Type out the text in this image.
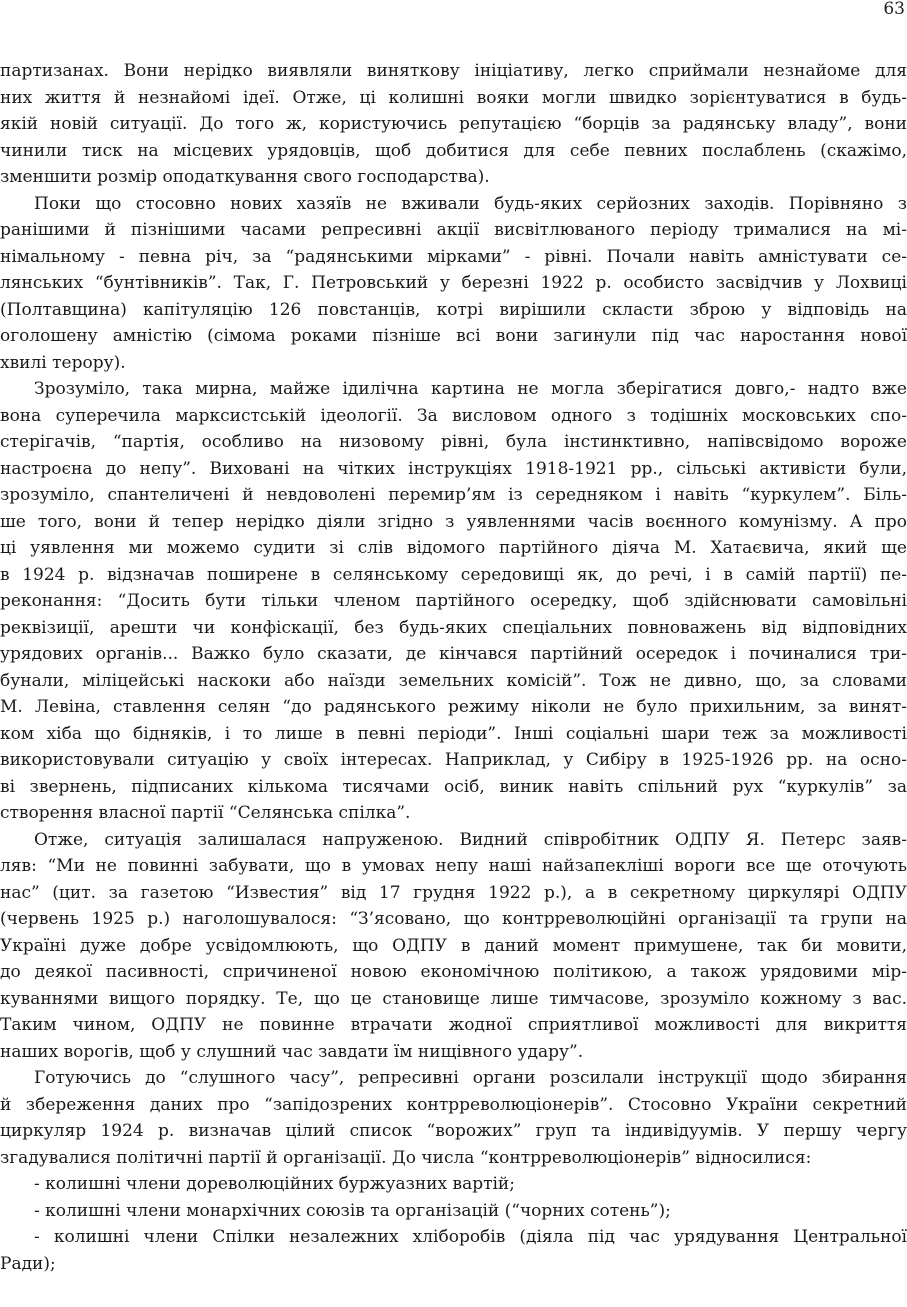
63
партизанах. Вони нерідко виявляли виняткову ініціативу, легко сприймали незнайоме для
них життя й незнайомі ідеї. Отже, ці колишні вояки могли швидко зорієнтуватися в будь-
якій новій ситуації. До того ж, користуючись репутацією “борців за радянську владу”, вони
чинили тиск на місцевих урядовців, щоб добитися для себе певних послаблень (скажімо,
зменшити розмір оподаткування свого господарства).
Поки що стосовно нових хазяїв не вживали будь-яких серйозних заходів. Порівняно з
ранішими й пізнішими часами репресивні акції висвітлюваного періоду трималися на мі-
німальному - певна річ, за “радянськими мірками” - рівні. Почали навіть амністувати се-
лянських “бунтівників”. Так, Г. Петровський у березні 1922 р. особисто засвідчив у Лохвиці
(Полтавщина) капітуляцію 126 повстанців, котрі вирішили скласти зброю у відповідь на
оголошену амністію (сімома роками пізніше всі вони загинули під час наростання нової
хвилі терору).
Зрозуміло, така мирна, майже ідилічна картина не могла зберігатися довго,- надто вже
вона суперечила марксистській ідеології. За висловом одного з тодішніх московських спо-
стерігачів, “партія, особливо на низовому рівні, була інстинктивно, напівсвідомо вороже
настроєна до непу”. Виховані на чітких інструкціях 1918-1921 рр., сільські активісти були,
зрозуміло, спантеличені й невдоволені перемир’ям із середняком і навіть “куркулем”. Біль-
ше того, вони й тепер нерідко діяли згідно з уявленнями часів воєнного комунізму. А про
ці уявлення ми можемо судити зі слів відомого партійного діяча М. Хатаєвича, який ще
в 1924 р. відзначав поширене в селянському середовищі як, до речі, і в самій партії) пе-
реконання: “Досить бути тільки членом партійного осередку, щоб здійснювати самовільні
реквізиції, арешти чи конфіскації, без будь-яких спеціальних повноважень від відповідних
урядових органів... Важко було сказати, де кінчався партійний осередок і починалися три-
бунали, міліцейські наскоки або наїзди земельних комісій”. Тож не дивно, що, за словами
М. Левіна, ставлення селян “до радянського режиму ніколи не було прихильним, за винят-
ком хіба що бідняків, і то лише в певні періоди”. Інші соціальні шари теж за можливості
використовували ситуацію у своїх інтересах. Наприклад, у Сибіру в 1925-1926 рр. на осно-
ві звернень, підписаних кількома тисячами осіб, виник навіть спільний рух “куркулів” за
створення власної партії “Селянська спілка”.
Отже, ситуація залишалася напруженою. Видний співробітник ОДПУ Я. Петерс заяв-
ляв: “Ми не повинні забувати, що в умовах непу наші найзапекліші вороги все ще оточують
нас” (цит. за газетою “Известия” від 17 грудня 1922 р.), а в секретному циркулярі ОДПУ
(червень 1925 р.) наголошувалося: “З’ясовано, що контрреволюційні організації та групи на
Україні дуже добре усвідомлюють, що ОДПУ в даний момент примушене, так би мовити,
до деякої пасивності, спричиненої новою економічною політикою, а також урядовими мір-
куваннями вищого порядку. Те, що це становище лише тимчасове, зрозуміло кожному з вас.
Таким чином, ОДПУ не повинне втрачати жодної сприятливої можливості для викриття
наших ворогів, щоб у слушний час завдати їм нищівного удару”.
Готуючись до “слушного часу”, репресивні органи розсилали інструкції щодо збирання
й збереження даних про “запідозрених контрреволюціонерів”. Стосовно України секретний
циркуляр 1924 р. визначав цілий список “ворожих” груп та індивідуумів. У першу чергу
згадувалися політичні партії й організації. До числа “контрреволюціонерів” відносилися:
- колишні члени дореволюційних буржуазних вартій;
- колишні члени монархічних союзів та організацій (“чорних сотень”);
- колишні члени Спілки незалежних хліборобів (діяла під час урядування Центральної
Ради);
